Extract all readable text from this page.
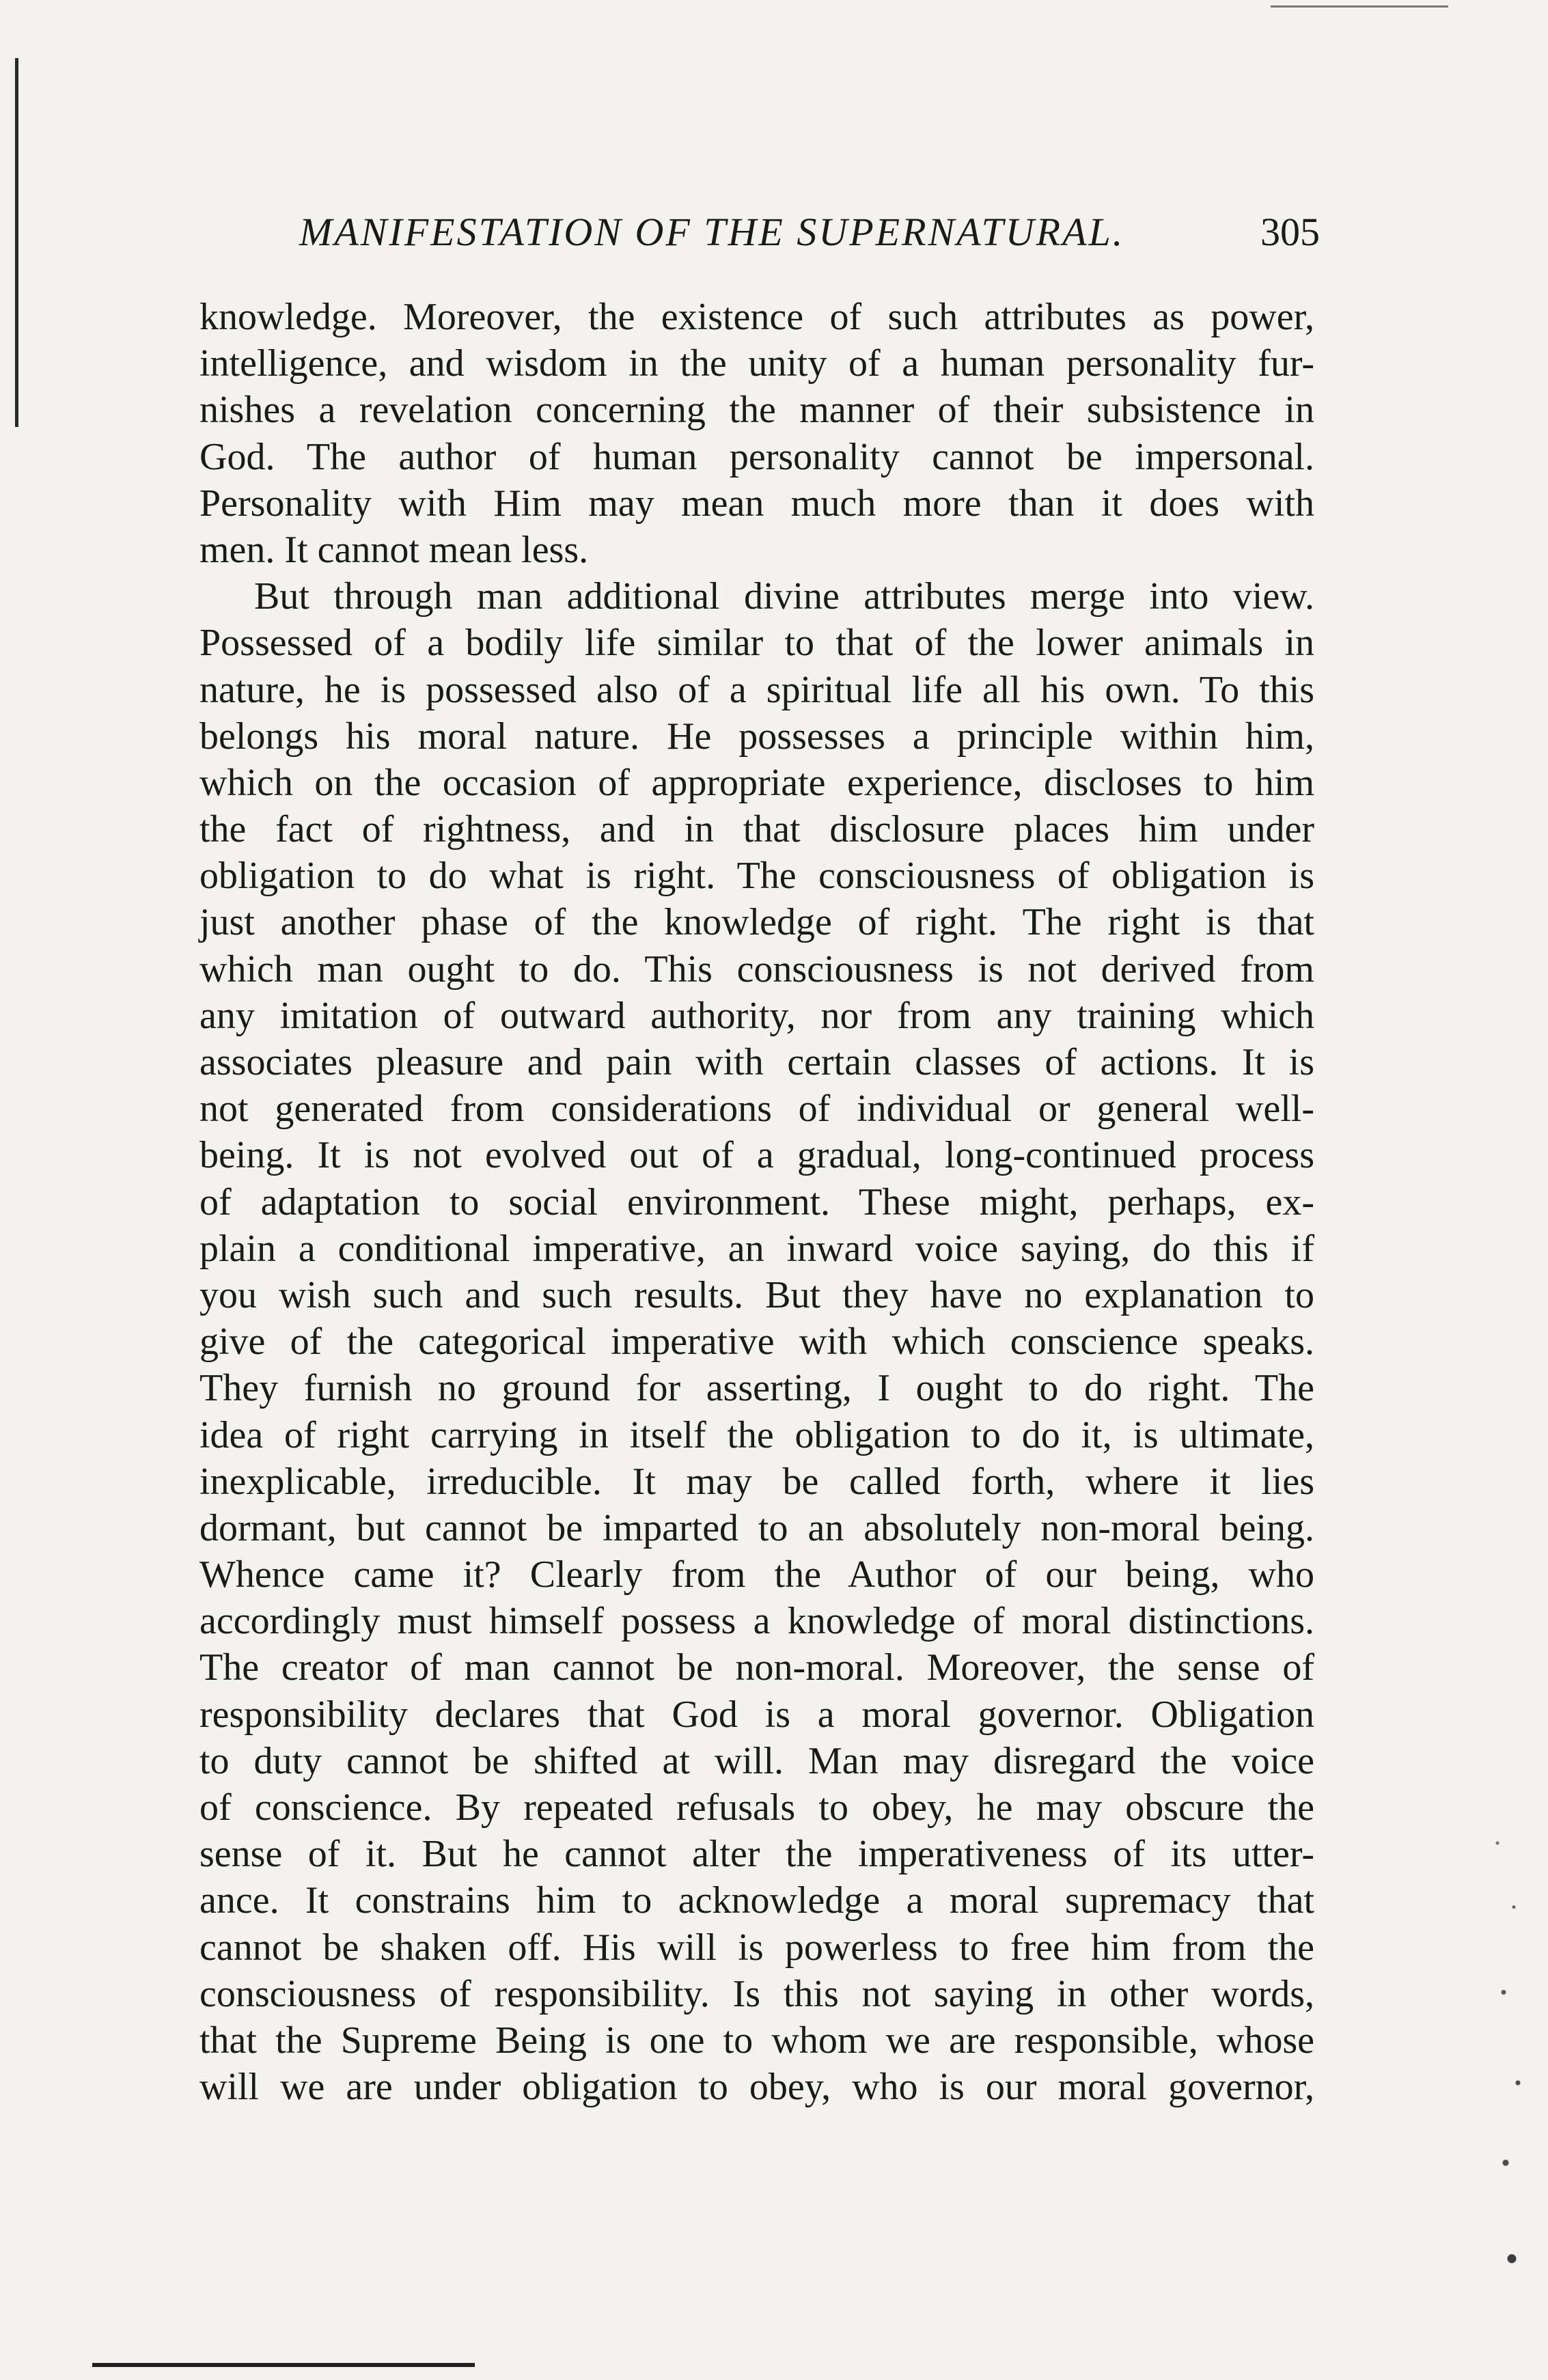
MANIFESTATION OF THE SUPERNATURAL.	305
knowledge. Moreover, the existence of such attributes as power,
intelligence, and wisdom in the unity of a human personality fur-
nishes a revelation concerning the manner of their subsistence in
God. The author of human personality cannot be impersonal.
Personality with Him may mean much more than it does with
men. It cannot mean less.
But through man additional divine attributes merge into view.
Possessed of a bodily life similar to that of the lower animals in
nature, he is possessed also of a spiritual life all his own. To this
belongs his moral nature. He possesses a principle within him,
which on the occasion of appropriate experience, discloses to him
the fact of rightness, and in that disclosure places him under
obligation to do what is right. The consciousness of obligation is
just another phase of the knowledge of right. The right is that
which man ought to do. This consciousness is not derived from
any imitation of outward authority, nor from any training which
associates pleasure and pain with certain classes of actions. It is
not generated from considerations of individual or general well-
being. It is not evolved out of a gradual, long-continued process
of adaptation to social environment. These might, perhaps, ex-
plain a conditional imperative, an inward voice saying, do this if
you wish such and such results. But they have no explanation to
give of the categorical imperative with which conscience speaks.
They furnish no ground for asserting, I ought to do right. The
idea of right carrying in itself the obligation to do it, is ultimate,
inexplicable, irreducible. It may be called forth, where it lies
dormant, but cannot be imparted to an absolutely non-moral being.
Whence came it? Clearly from the Author of our being, who
accordingly must himself possess a knowledge of moral distinctions.
The creator of man cannot be non-moral. Moreover, the sense of
responsibility declares that God is a moral governor. Obligation
to duty cannot be shifted at will. Man may disregard the voice
of conscience. By repeated refusals to obey, he may obscure the
sense of it. But he cannot alter the imperativeness of its utter-
ance. It constrains him to acknowledge a moral supremacy that
cannot be shaken off. His will is powerless to free him from the
consciousness of responsibility. Is this not saying in other words,
that the Supreme Being is one to whom we are responsible, whose
will we are under obligation to obey, who is our moral governor,
